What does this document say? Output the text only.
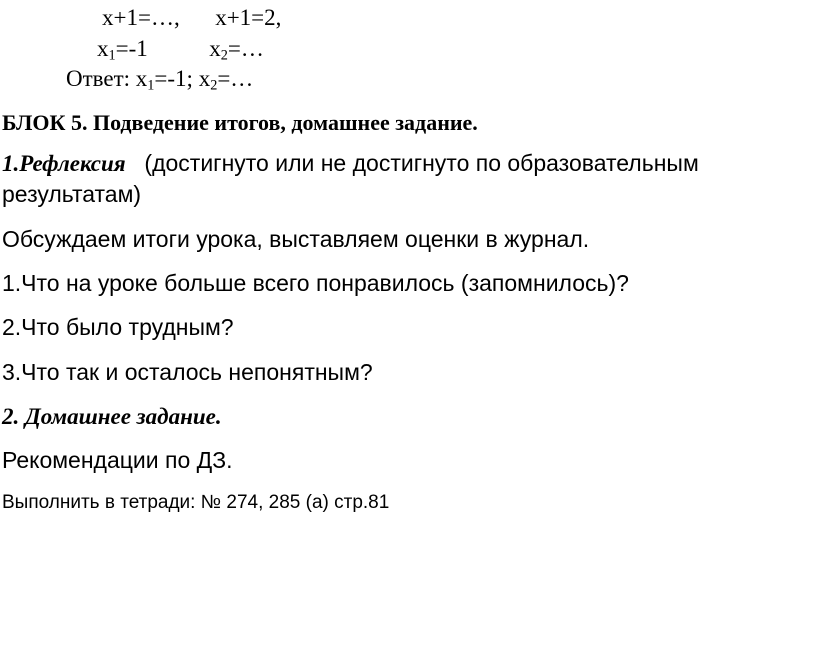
x+1=…, x+1=2,
$x_1=-1$	$x_2=\dots$
Ответ: $x_1=-1$; $x_2=\dots$
БЛОК 5. Подведение итогов, домашнее задание.
1.Рефлексия (достигнуто или не достигнуто по образовательным
результатам)
Обсуждаем итоги урока, выставляем оценки в журнал.
1.Что на уроке больше всего понравилось (запомнилось)?
2.Что было трудным?
3.Что так и осталось непонятным?
2. Домашнее задание.
Рекомендации по ДЗ.
Выполнить в тетради: № 274, 285 (а) стр.81
